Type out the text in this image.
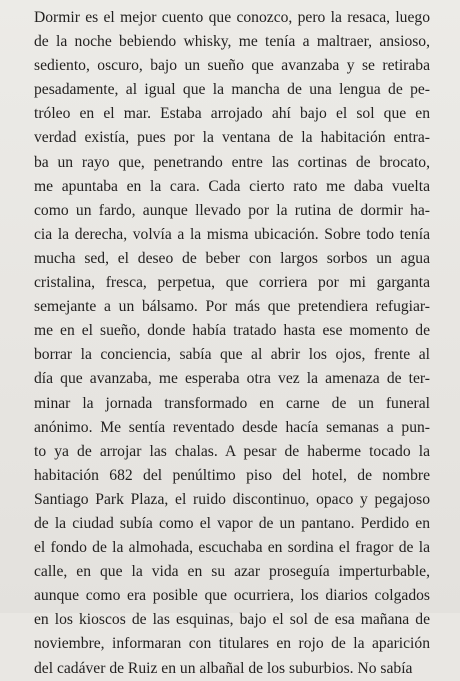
Dormir es el mejor cuento que conozco, pero la resaca, luego
de la noche bebiendo whisky, me tenía a maltraer, ansioso,
sediento, oscuro, bajo un sueño que avanzaba y se retiraba
pesadamente, al igual que la mancha de una lengua de pe-
tróleo en el mar. Estaba arrojado ahí bajo el sol que en
verdad existía, pues por la ventana de la habitación entra-
ba un rayo que, penetrando entre las cortinas de brocato,
me apuntaba en la cara. Cada cierto rato me daba vuelta
como un fardo, aunque llevado por la rutina de dormir ha-
cia la derecha, volvía a la misma ubicación. Sobre todo tenía
mucha sed, el deseo de beber con largos sorbos un agua
cristalina, fresca, perpetua, que corriera por mi garganta
semejante a un bálsamo. Por más que pretendiera refugiar-
me en el sueño, donde había tratado hasta ese momento de
borrar la conciencia, sabía que al abrir los ojos, frente al
día que avanzaba, me esperaba otra vez la amenaza de ter-
minar la jornada transformado en carne de un funeral
anónimo. Me sentía reventado desde hacía semanas a pun-
to ya de arrojar las chalas. A pesar de haberme tocado la
habitación 682 del penúltimo piso del hotel, de nombre
Santiago Park Plaza, el ruido discontinuo, opaco y pegajoso
de la ciudad subía como el vapor de un pantano. Perdido en
el fondo de la almohada, escuchaba en sordina el fragor de la
calle, en que la vida en su azar proseguía imperturbable,
aunque como era posible que ocurriera, los diarios colgados
en los kioscos de las esquinas, bajo el sol de esa mañana de
noviembre, informaran con titulares en rojo de la aparición
del cadáver de Ruiz en un albañal de los suburbios. No sabía
